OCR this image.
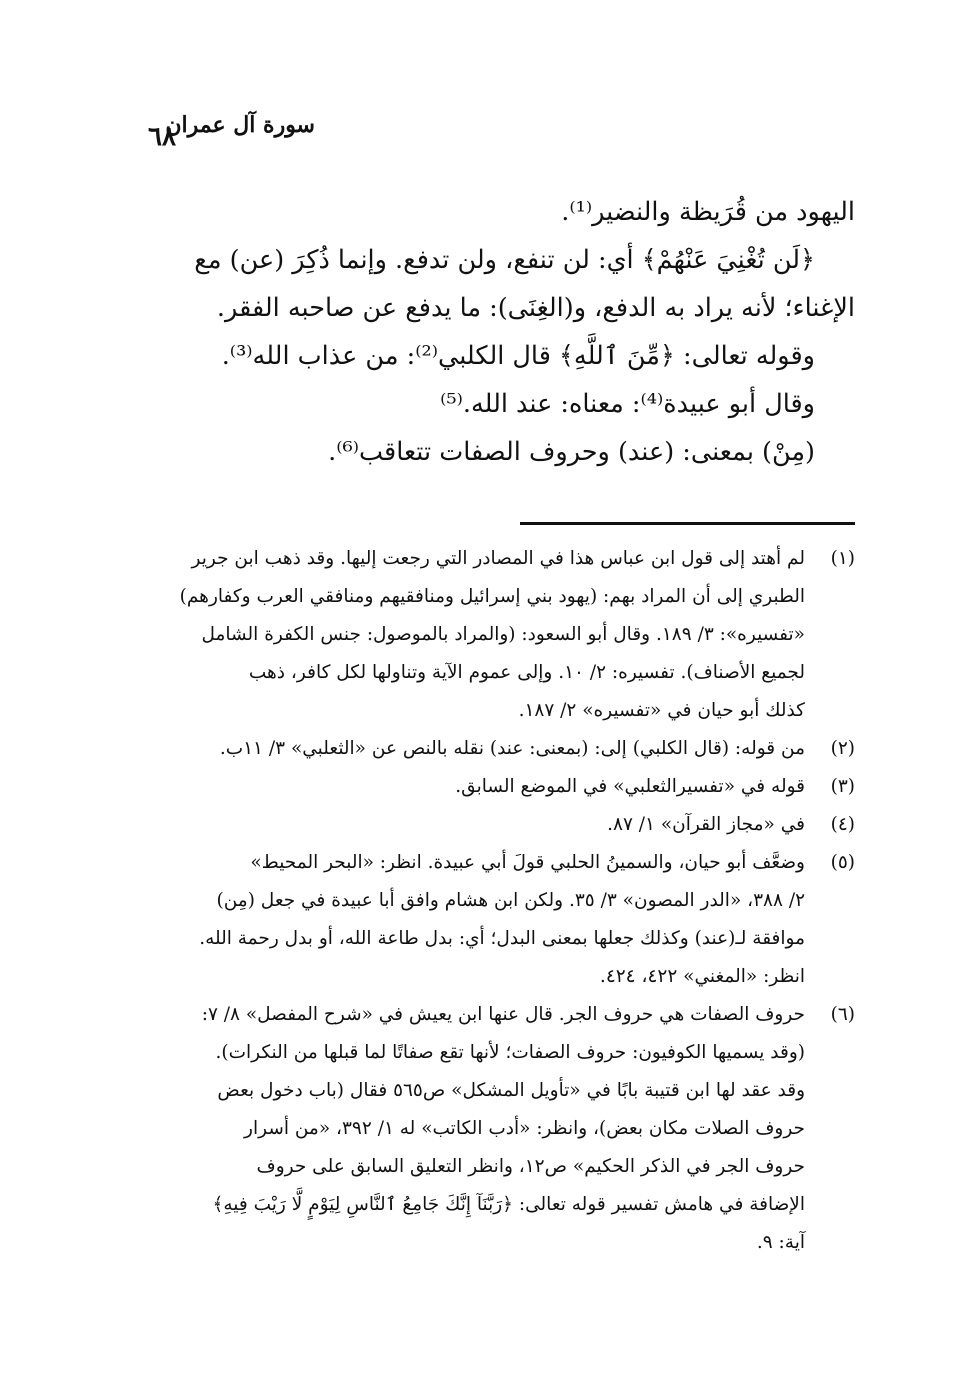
سورة آل عمران
٦٨

اليهود من قُرَيظة والنضير⁽¹⁾.

﴿لَن تُغْنِيَ عَنْهُمْ﴾ أي: لن تنفع، ولن تدفع. وإنما ذُكِرَ (عن) مع

الإغناء؛ لأنه يراد به الدفع، و(الغِنَى): ما يدفع عن صاحبه الفقر.

وقوله تعالى: ﴿مِّنَ ٱللَّهِ﴾ قال الكلبي⁽²⁾: من عذاب الله⁽³⁾.

وقال أبو عبيدة⁽⁴⁾: معناه: عند الله.⁽⁵⁾

(مِنْ) بمعنى: (عند) وحروف الصفات تتعاقب⁽⁶⁾.

(١)
لم أهتد إلى قول ابن عباس هذا في المصادر التي رجعت إليها. وقد ذهب ابن جرير
الطبري إلى أن المراد بهم: (يهود بني إسرائيل ومنافقيهم ومنافقي العرب وكفارهم)
«تفسيره»: ٣/ ١٨٩. وقال أبو السعود: (والمراد بالموصول: جنس الكفرة الشامل
لجميع الأصناف). تفسيره: ٢/ ١٠. وإلى عموم الآية وتناولها لكل كافر، ذهب
كذلك أبو حيان في «تفسيره» ٢/ ١٨٧.
(٢)
من قوله: (قال الكلبي) إلى: (بمعنى: عند) نقله بالنص عن «الثعلبي» ٣/ ١١ب.
(٣)
قوله في «تفسيرالثعلبي» في الموضع السابق.
(٤)
في «مجاز القرآن» ١/ ٨٧.
(٥)
وضعَّف أبو حيان، والسمينُ الحلبي قولَ أبي عبيدة. انظر: «البحر المحيط»
٢/ ٣٨٨، «الدر المصون» ٣/ ٣٥. ولكن ابن هشام وافق أبا عبيدة في جعل (مِن)
موافقة لـ(عند) وكذلك جعلها بمعنى البدل؛ أي: بدل طاعة الله، أو بدل رحمة الله.
انظر: «المغني» ٤٢٢، ٤٢٤.
(٦)
حروف الصفات هي حروف الجر. قال عنها ابن يعيش في «شرح المفصل» ٨/ ٧:
(وقد يسميها الكوفيون: حروف الصفات؛ لأنها تقع صفاتًا لما قبلها من النكرات).
وقد عقد لها ابن قتيبة بابًا في «تأويل المشكل» ص٥٦٥ فقال (باب دخول بعض
حروف الصلات مكان بعض)، وانظر: «أدب الكاتب» له ١/ ٣٩٢، «من أسرار
حروف الجر في الذكر الحكيم» ص١٢، وانظر التعليق السابق على حروف
الإضافة في هامش تفسير قوله تعالى: ﴿رَبَّنَآ إِنَّكَ جَامِعُ ٱلنَّاسِ لِيَوْمٍ لَّا رَيْبَ فِيهِ﴾
آية: ٩.
